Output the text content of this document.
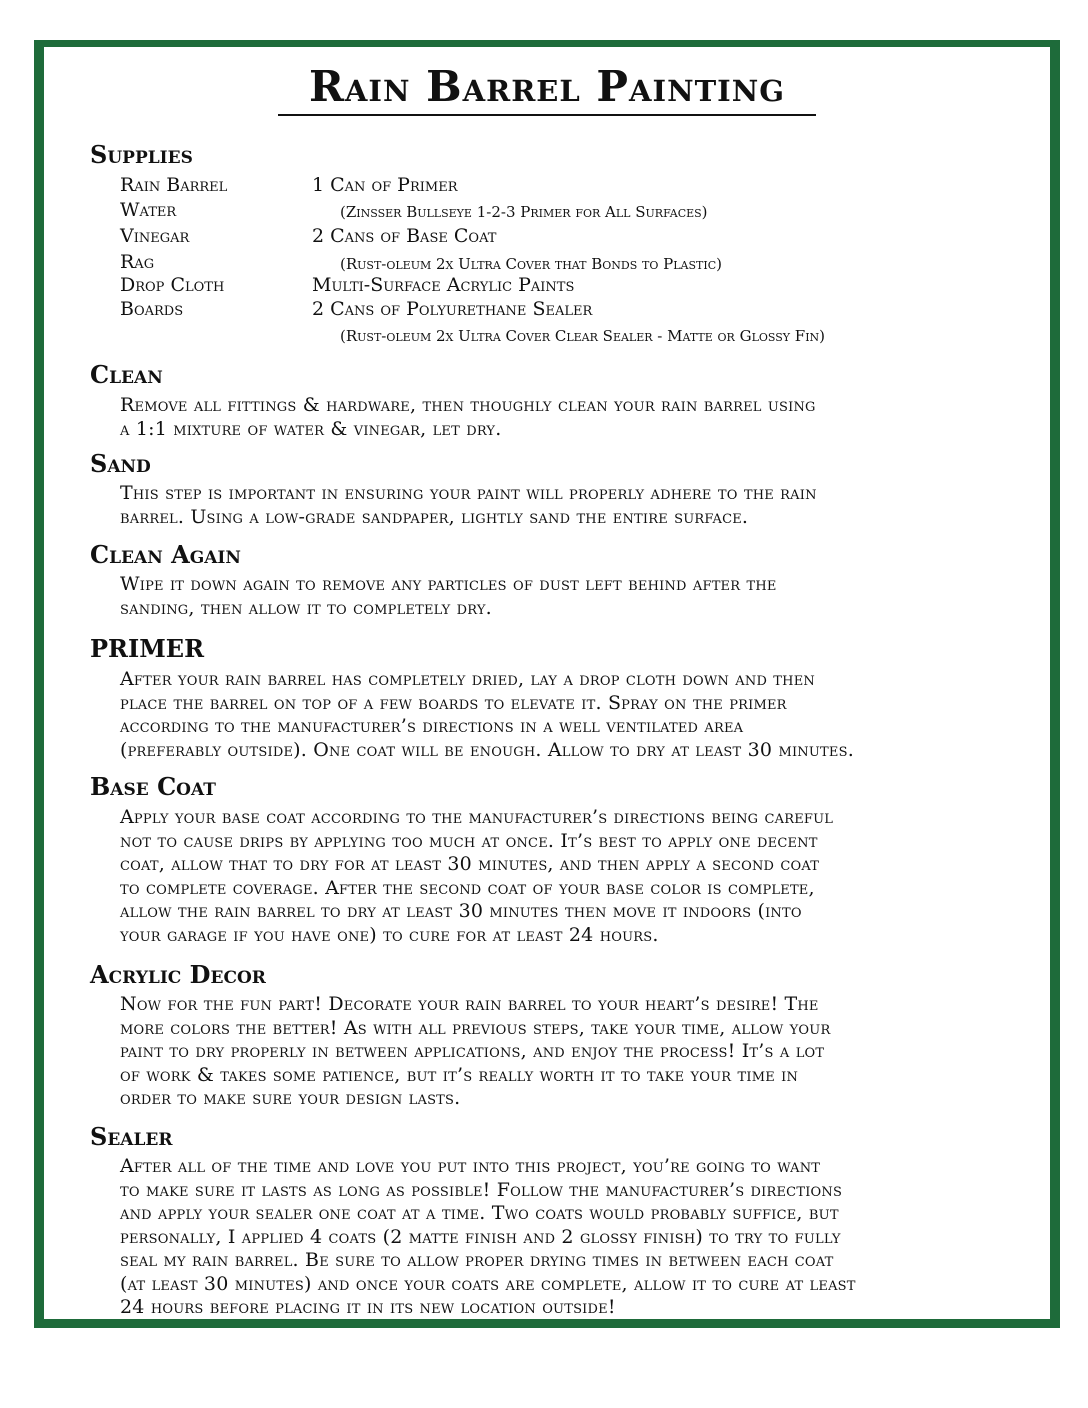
Rain Barrel Painting
Supplies
Rain Barrel
Water
Vinegar
Rag
Drop Cloth
Boards
1 Can of Primer
(Zinsser Bullseye 1-2-3 Primer for All Surfaces)
2 Cans of Base Coat
(Rust-oleum 2x Ultra Cover that Bonds to Plastic)
Multi-Surface Acrylic Paints
2 Cans of Polyurethane Sealer
(Rust-oleum 2x Ultra Cover Clear Sealer - Matte or Glossy Fin)
Clean

Remove all fittings & hardware, then thoughly clean your rain barrel using
a 1:1 mixture of water & vinegar, let dry.

Sand

This step is important in ensuring your paint will properly adhere to the rain
barrel. Using a low-grade sandpaper, lightly sand the entire surface.

Clean Again

Wipe it down again to remove any particles of dust left behind after the
sanding, then allow it to completely dry.

PRIMER

After your rain barrel has completely dried, lay a drop cloth down and then
place the barrel on top of a few boards to elevate it. Spray on the primer
according to the manufacturer’s directions in a well ventilated area
(preferably outside). One coat will be enough. Allow to dry at least 30 minutes.

Base Coat

Apply your base coat according to the manufacturer’s directions being careful
not to cause drips by applying too much at once. It’s best to apply one decent
coat, allow that to dry for at least 30 minutes, and then apply a second coat
to complete coverage. After the second coat of your base color is complete,
allow the rain barrel to dry at least 30 minutes then move it indoors (into
your garage if you have one) to cure for at least 24 hours.

Acrylic Decor

Now for the fun part! Decorate your rain barrel to your heart’s desire! The
more colors the better! As with all previous steps, take your time, allow your
paint to dry properly in between applications, and enjoy the process! It’s a lot
of work & takes some patience, but it’s really worth it to take your time in
order to make sure your design lasts.

Sealer

After all of the time and love you put into this project, you’re going to want
to make sure it lasts as long as possible! Follow the manufacturer’s directions
and apply your sealer one coat at a time. Two coats would probably suffice, but
personally, I applied 4 coats (2 matte finish and 2 glossy finish) to try to fully
seal my rain barrel. Be sure to allow proper drying times in between each coat
(at least 30 minutes) and once your coats are complete, allow it to cure at least
24 hours before placing it in its new location outside!
